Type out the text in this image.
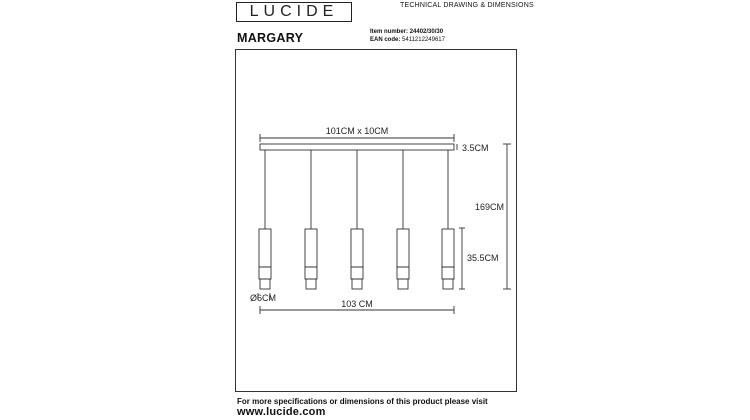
LUCIDE	TECHNICAL DRAWING & DIMENSIONS
MARGARY	Item number: 24402/30/30
EAN code: 5411212249617
101CM x 10CM
3.5CM
169CM
35.5CM
Ø6CM
103 CM
For more specifications or dimensions of this product please visit
www.lucide.com
